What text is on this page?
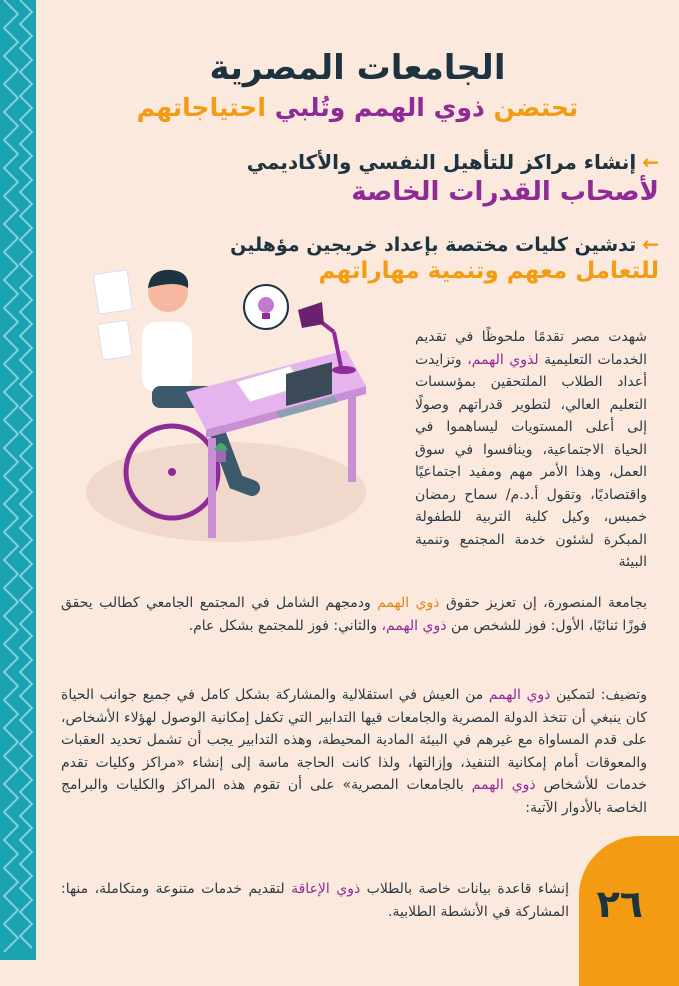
الجامعات المصرية
تحتضن ذوي الهمم وتُلبي احتياجاتهم
←إنشاء مراكز للتأهيل النفسي والأكاديمي
لأصحاب القدرات الخاصة
←تدشين كليات مختصة بإعداد خريجين مؤهلين
للتعامل معهم وتنمية مهاراتهم

شهدت مصر تقدمًا ملحوظًا في تقديم الخدمات التعليمية لذوي الهمم، وتزايدت أعداد الطلاب الملتحقين بمؤسسات التعليم العالي، لتطوير قدراتهم وصولًا إلى أعلى المستويات ليساهموا في الحياة الاجتماعية، وينافسوا في سوق العمل، وهذا الأمر مهم ومفيد اجتماعيًا واقتصاديًا، وتقول أ.د.م/ سماح رمضان خميس، وكيل كلية التربية للطفولة المبكرة لشئون خدمة المجتمع وتنمية البيئة

بجامعة المنصورة، إن تعزيز حقوق ذوي الهمم ودمجهم الشامل في المجتمع الجامعي كطالب يحقق فوزًا ثنائيًا، الأول: فوز للشخص من ذوي الهمم، والثاني: فوز للمجتمع بشكل عام.

وتضيف: لتمكين ذوي الهمم من العيش في استقلالية والمشاركة بشكل كامل في جميع جوانب الحياة كان ينبغي أن تتخذ الدولة المصرية والجامعات فيها التدابير التي تكفل إمكانية الوصول لهؤلاء الأشخاص، على قدم المساواة مع غيرهم في البيئة المادية المحيطة، وهذه التدابير يجب أن تشمل تحديد العقبات والمعوقات أمام إمكانية التنفيذ، وإزالتها، ولذا كانت الحاجة ماسة إلى إنشاء «مراكز وكليات تقدم خدمات للأشخاص ذوي الهمم بالجامعات المصرية» على أن تقوم هذه المراكز والكليات والبرامج الخاصة بالأدوار الآتية:

إنشاء قاعدة بيانات خاصة بالطلاب ذوي الإعاقة لتقديم خدمات متنوعة ومتكاملة، منها: المشاركة في الأنشطة الطلابية. ٢٦
